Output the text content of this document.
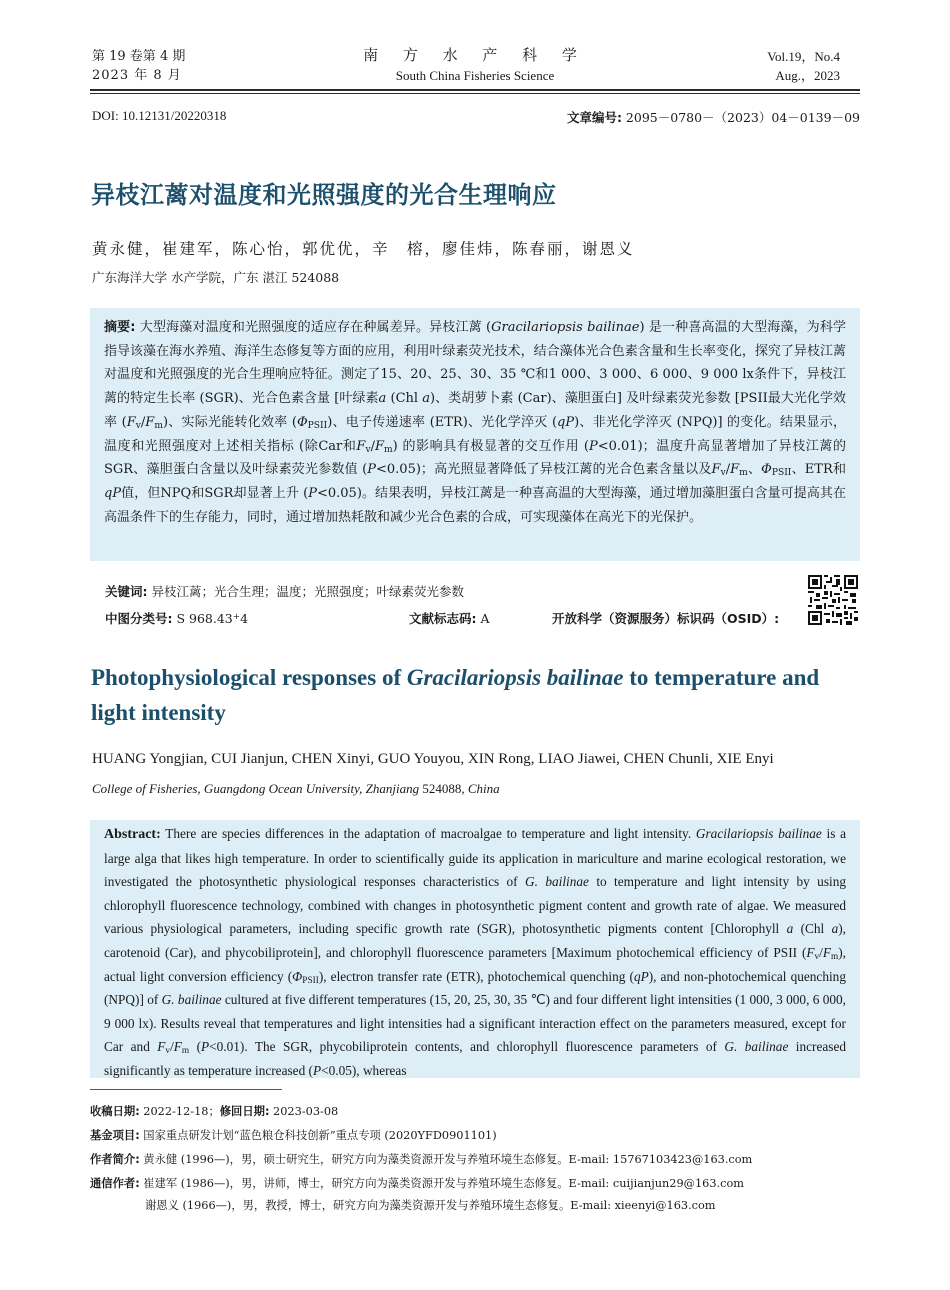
第 19 卷第 4 期
2023 年 8 月
南 方 水 产 科 学
South China Fisheries Science
Vol.19，No.4
Aug.，2023
DOI: 10.12131/20220318	文章编号: 2095－0780－（2023）04－0139－09
异枝江蓠对温度和光照强度的光合生理响应
黄永健，崔建军，陈心怡，郭优优，辛　榕，廖佳炜，陈春丽，谢恩义
广东海洋大学 水产学院，广东 湛江 524088

摘要: 大型海藻对温度和光照强度的适应存在种属差异。异枝江蓠 (Gracilariopsis bailinae) 是一种喜高温的大型海藻，为科学指导该藻在海水养殖、海洋生态修复等方面的应用，利用叶绿素荧光技术，结合藻体光合色素含量和生长率变化，探究了异枝江蓠对温度和光照强度的光合生理响应特征。测定了15、20、25、30、35 ℃和1 000、3 000、6 000、9 000 lx条件下，异枝江蓠的特定生长率 (SGR)、光合色素含量 [叶绿素a (Chl a)、类胡萝卜素 (Car)、藻胆蛋白] 及叶绿素荧光参数 [PSII最大光化学效率 $(F_v/F_m)$、实际光能转化效率 $(\Phi_{PSII})$、电子传递速率 (ETR)、光化学淬灭 (qP)、非光化学淬灭 (NPQ)] 的变化。结果显示，温度和光照强度对上述相关指标 (除Car和$F_v/F_m$) 的影响具有极显著的交互作用 (P<0.01)；温度升高显著增加了异枝江蓠的SGR、藻胆蛋白含量以及叶绿素荧光参数值 (P<0.05)；高光照显著降低了异枝江蓠的光合色素含量以及$F_v/F_m$、$\Phi_{PSII}$、ETR和qP值，但NPQ和SGR却显著上升 (P<0.05)。结果表明，异枝江蓠是一种喜高温的大型海藻，通过增加藻胆蛋白含量可提高其在高温条件下的生存能力，同时，通过增加热耗散和减少光合色素的合成，可实现藻体在高光下的光保护。

关键词: 异枝江蓠；光合生理；温度；光照强度；叶绿素荧光参数
中图分类号: S 968.43+4	文献标志码: A	开放科学（资源服务）标识码（OSID）:
Photophysiological responses of Gracilariopsis bailinae to temperature and light intensity
HUANG Yongjian, CUI Jianjun, CHEN Xinyi, GUO Youyou, XIN Rong, LIAO Jiawei, CHEN Chunli, XIE Enyi
College of Fisheries, Guangdong Ocean University, Zhanjiang 524088, China

Abstract: There are species differences in the adaptation of macroalgae to temperature and light intensity. Gracilariopsis bailinae is a large alga that likes high temperature. In order to scientifically guide its application in mariculture and marine ecological restoration, we investigated the photosynthetic physiological responses characteristics of G. bailinae to temperature and light intensity by using chlorophyll fluorescence technology, combined with changes in photosynthetic pigment content and growth rate of algae. We measured various physiological parameters, including specific growth rate (SGR), photosynthetic pigments content [Chlorophyll a (Chl a), carotenoid (Car), and phycobiliprotein], and chlorophyll fluorescence parameters [Maximum photochemical efficiency of PSII $(F_v/F_m)$, actual light conversion efficiency $(\Phi_{PSII})$, electron transfer rate (ETR), photochemical quenching (qP), and non-photochemical quenching (NPQ)] of G. bailinae cultured at five different temperatures (15, 20, 25, 30, 35 ℃) and four different light intensities (1 000, 3 000, 6 000, 9 000 lx). Results reveal that temperatures and light intensities had a significant interaction effect on the parameters measured, except for Car and $F_v/F_m$ (P<0.01). The SGR, phycobiliprotein contents, and chlorophyll fluorescence parameters of G. bailinae increased significantly as temperature increased (P<0.05), whereas

收稿日期: 2022-12-18；修回日期: 2023-03-08
基金项目: 国家重点研发计划“蓝色粮仓科技创新”重点专项 (2020YFD0901101)
作者简介: 黄永健 (1996—)，男，硕士研究生，研究方向为藻类资源开发与养殖环境生态修复。E-mail: 15767103423@163.com
通信作者: 崔建军 (1986—)，男，讲师，博士，研究方向为藻类资源开发与养殖环境生态修复。E-mail: cuijianjun29@163.com
谢恩义 (1966—)，男，教授，博士，研究方向为藻类资源开发与养殖环境生态修复。E-mail: xieenyi@163.com
